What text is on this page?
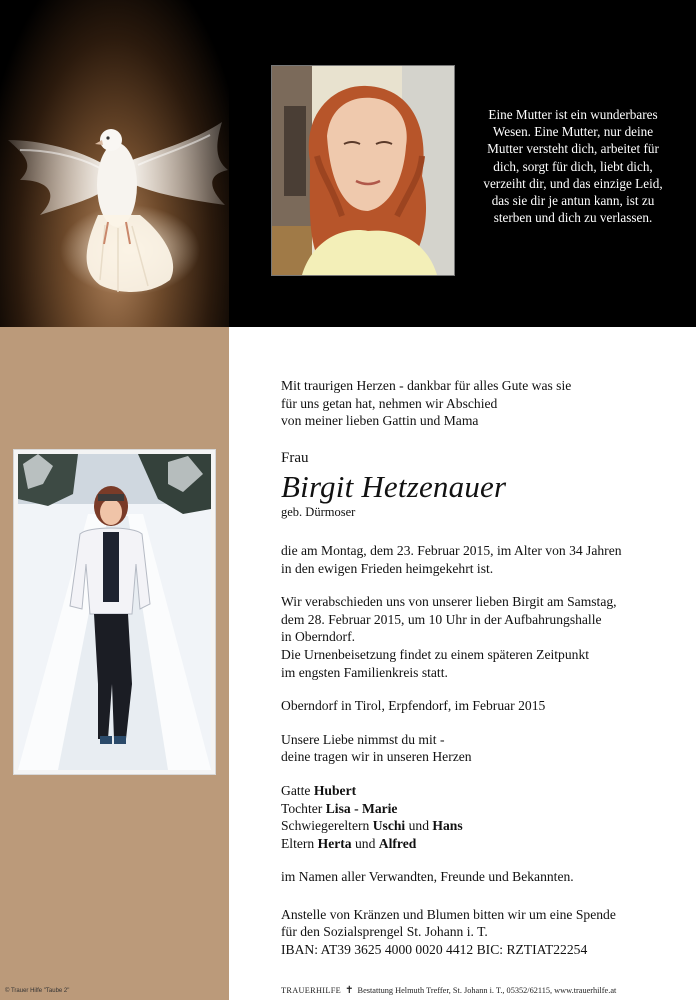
Eine Mutter ist ein wunderbares
Wesen. Eine Mutter, nur deine
Mutter versteht dich, arbeitet für
dich, sorgt für dich, liebt dich,
verzeiht dir, und das einzige Leid,
das sie dir je antun kann, ist zu
sterben und dich zu verlassen.

Mit traurigen Herzen - dankbar für alles Gute was sie

für uns getan hat, nehmen wir Abschied

von meiner lieben Gattin und Mama

Frau

Birgit Hetzenauer

geb. Dürmoser

die am Montag, dem 23. Februar 2015, im Alter von 34 Jahren

in den ewigen Frieden heimgekehrt ist.

Wir verabschieden uns von unserer lieben Birgit am Samstag,

dem 28. Februar 2015, um 10 Uhr in der Aufbahrungshalle

in Oberndorf.

Die Urnenbeisetzung findet zu einem späteren Zeitpunkt

im engsten Familienkreis statt.

Oberndorf in Tirol, Erpfendorf, im Februar 2015

Unsere Liebe nimmst du mit -

deine tragen wir in unseren Herzen

Gatte Hubert

Tochter Lisa - Marie

Schwiegereltern Uschi und Hans

Eltern Herta und Alfred

im Namen aller Verwandten, Freunde und Bekannten.

Anstelle von Kränzen und Blumen bitten wir um eine Spende

für den Sozialsprengel St. Johann i. T.

IBAN: AT39 3625 4000 0020 4412 BIC: RZTIAT22254

© Trauer Hilfe "Taube 2"	TRAUERHILFE ✝ Bestattung Helmuth Treffer, St. Johann i. T., 05352/62115, www.trauerhilfe.at
